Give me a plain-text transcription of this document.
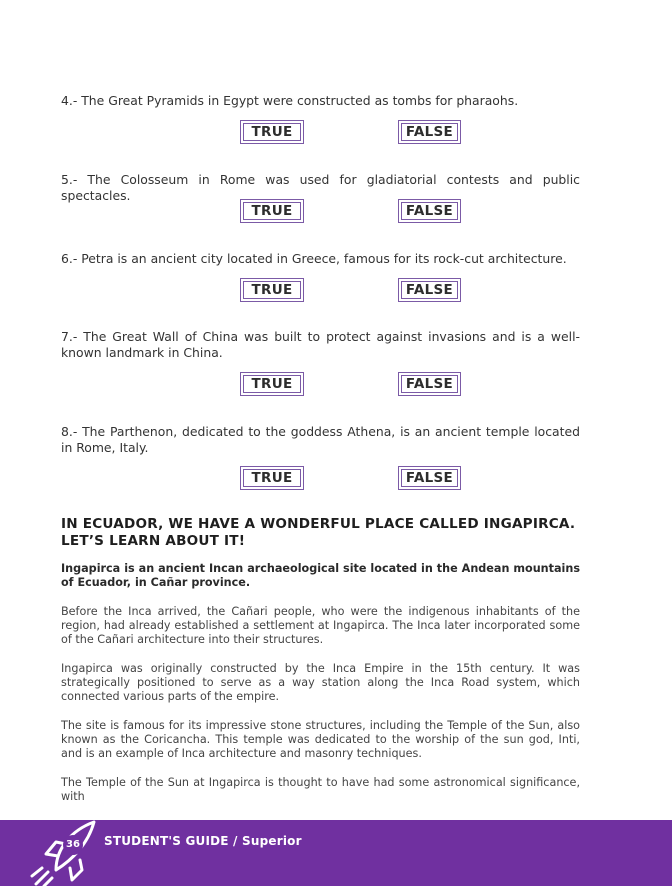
4.- The Great Pyramids in Egypt were constructed as tombs for pharaohs.
TRUE	FALSE
5.- The Colosseum in Rome was used for gladiatorial contests and public spectacles.
TRUE	FALSE
6.- Petra is an ancient city located in Greece, famous for its rock-cut architecture.
TRUE	FALSE
7.- The Great Wall of China was built to protect against invasions and is a well-known landmark in China.
TRUE	FALSE
8.- The Parthenon, dedicated to the goddess Athena, is an ancient temple located in Rome, Italy.
TRUE	FALSE
IN ECUADOR, WE HAVE A WONDERFUL PLACE CALLED INGAPIRCA. LET’S LEARN ABOUT IT!
Ingapirca is an ancient Incan archaeological site located in the Andean mountains of Ecuador, in Cañar province.
Before the Inca arrived, the Cañari people, who were the indigenous inhabitants of the region, had already established a settlement at Ingapirca. The Inca later incorporated some of the Cañari architecture into their structures.
Ingapirca was originally constructed by the Inca Empire in the 15th century. It was strategically positioned to serve as a way station along the Inca Road system, which connected various parts of the empire.
The site is famous for its impressive stone structures, including the Temple of the Sun, also known as the Coricancha. This temple was dedicated to the worship of the sun god, Inti, and is an example of Inca architecture and masonry techniques.
The Temple of the Sun at Ingapirca is thought to have had some astronomical significance, with
36 STUDENT'S GUIDE / Superior
